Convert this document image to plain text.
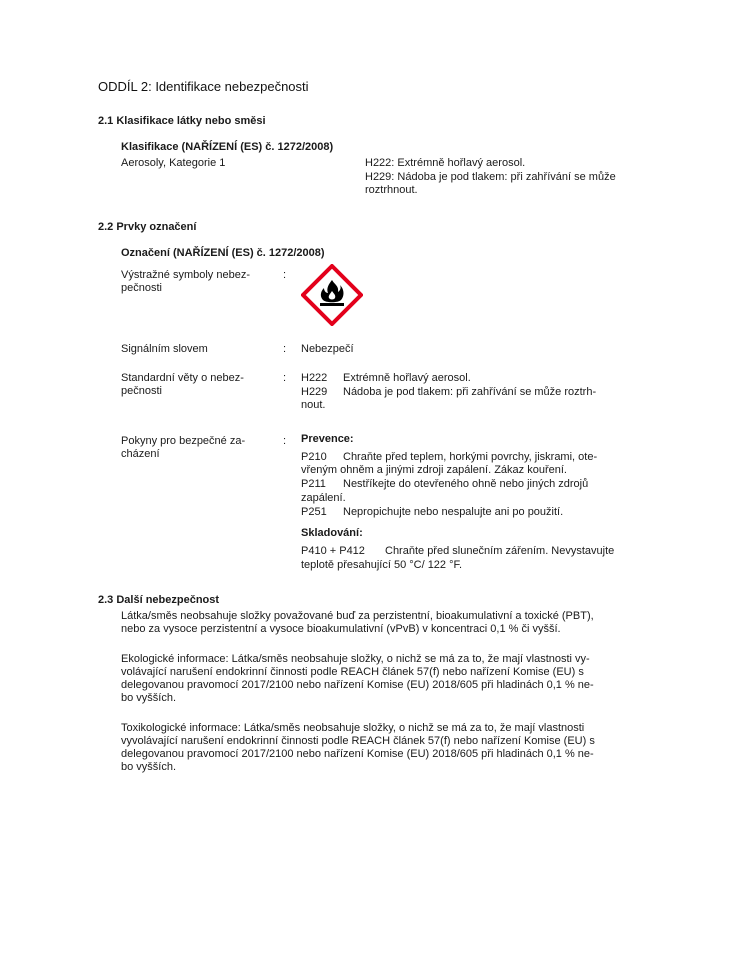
ODDÍL 2: Identifikace nebezpečnosti
2.1 Klasifikace látky nebo směsi
Klasifikace (NAŘÍZENÍ (ES) č. 1272/2008)
Aerosoly, Kategorie 1	H222: Extrémně hořlavý aerosol.
H229: Nádoba je pod tlakem: při zahřívání se může
roztrhnout.
2.2 Prvky označení
Označení (NAŘÍZENÍ (ES) č. 1272/2008)
Výstražné symboly nebez-
pečnosti
:
Signálním slovem	: Nebezpečí
Standardní věty o nebez-
pečnosti
: H222 Extrémně hořlavý aerosol.
H229 Nádoba je pod tlakem: při zahřívání se může roztrh-
nout.
Pokyny pro bezpečné za-
cházení
: Prevence:
P210 Chraňte před teplem, horkými povrchy, jiskrami, ote-
vřeným ohněm a jinými zdroji zapálení. Zákaz kouření.
P211 Nestříkejte do otevřeného ohně nebo jiných zdrojů
zapálení.
P251 Nepropichujte nebo nespalujte ani po použití.
Skladování:
P410 + P412 Chraňte před slunečním zářením. Nevystavujte
teplotě přesahující 50 °C/ 122 °F.
2.3 Další nebezpečnost
Látka/směs neobsahuje složky považované buď za perzistentní, bioakumulativní a toxické (PBT),
nebo za vysoce perzistentní a vysoce bioakumulativní (vPvB) v koncentraci 0,1 % či vyšší.
Ekologické informace: Látka/směs neobsahuje složky, o nichž se má za to, že mají vlastnosti vy-
volávající narušení endokrinní činnosti podle REACH článek 57(f) nebo nařízení Komise (EU) s
delegovanou pravomocí 2017/2100 nebo nařízení Komise (EU) 2018/605 při hladinách 0,1 % ne-
bo vyšších.
Toxikologické informace: Látka/směs neobsahuje složky, o nichž se má za to, že mají vlastnosti
vyvolávající narušení endokrinní činnosti podle REACH článek 57(f) nebo nařízení Komise (EU) s
delegovanou pravomocí 2017/2100 nebo nařízení Komise (EU) 2018/605 při hladinách 0,1 % ne-
bo vyšších.
